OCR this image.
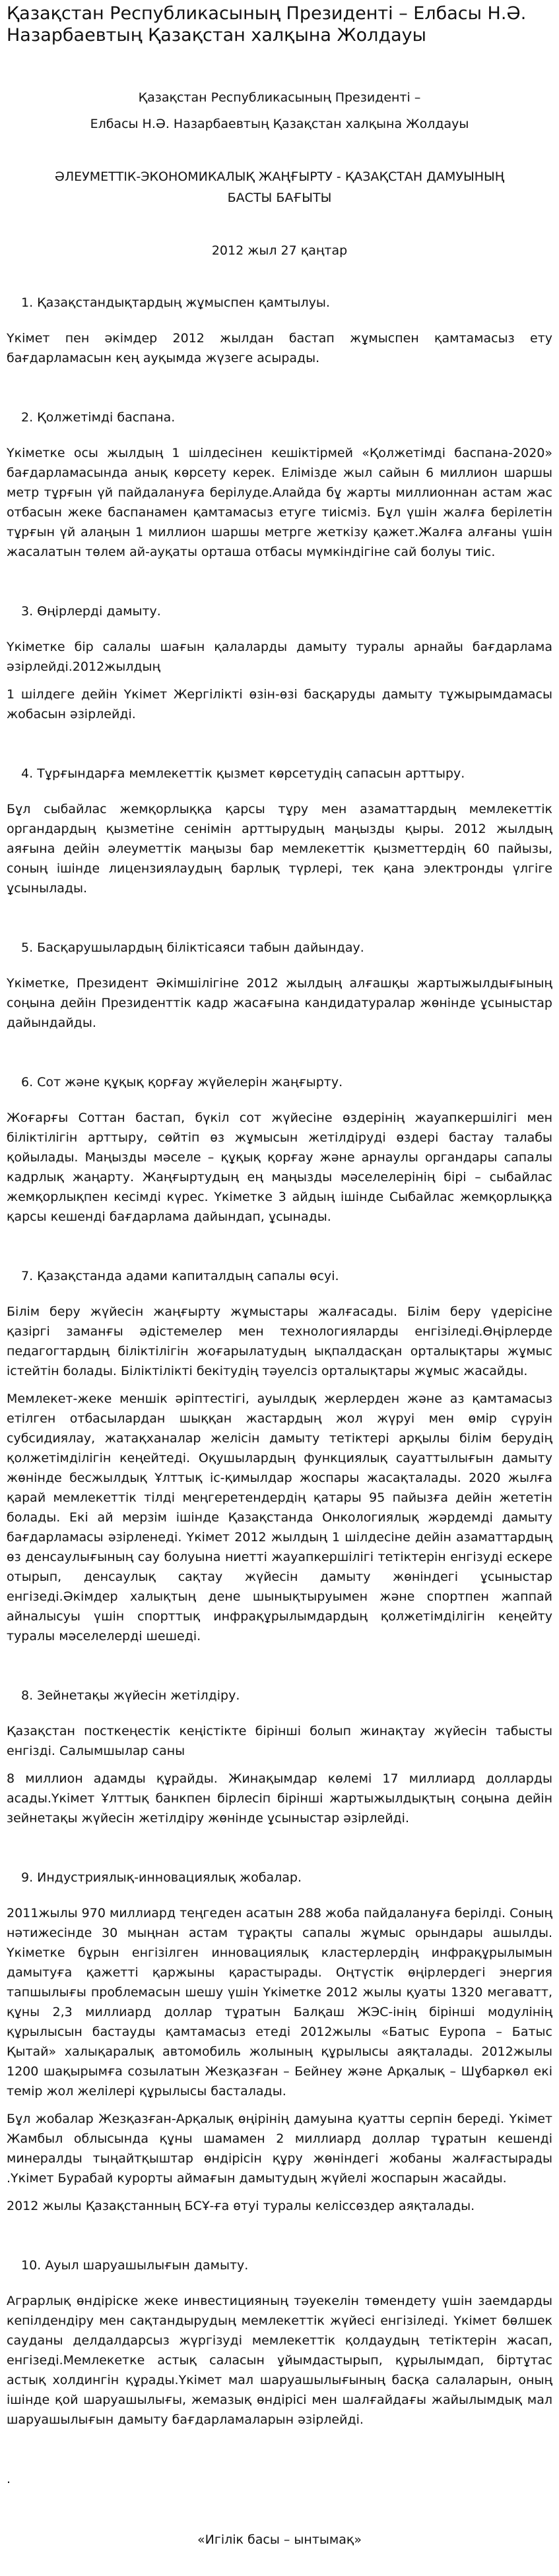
Қазақстан Республикасының Президенті – Елбасы Н.Ә. Назарбаевтың Қазақстан халқына Жолдауы
Қазақстан Республикасының Президенті –
Елбасы Н.Ә. Назарбаевтың Қазақстан халқына Жолдауы
ӘЛЕУМЕТТІК-ЭКОНОМИКАЛЫҚ ЖАҢҒЫРТУ - ҚАЗАҚСТАН ДАМУЫНЫҢ
БАСТЫ БАҒЫТЫ
2012 жыл 27 қаңтар
1. Қазақстандықтардың жұмыспен қамтылуы.

Үкімет пен әкімдер 2012 жылдан бастап жұмыспен қамтамасыз ету бағдарламасын кең ауқымда жүзеге асырады.

2. Қолжетімді баспана.

Үкіметке осы жылдың 1 шілдесінен кешіктірмей «Қолжетімді баспана-2020» бағдарламасында анық көрсету керек. Елімізде жыл сайын 6 миллион шаршы метр тұрғын үй пайдалануға берілуде.Алайда бұ жарты миллионнан астам жас отбасын жеке баспанамен қамтамасыз етуге тиісміз. Бұл үшін жалға берілетін тұрғын үй алаңын 1 миллион шаршы метрге жеткізу қажет.Жалға алғаны үшін жасалатын төлем ай-ауқаты орташа отбасы мүмкіндігіне сай болуы тиіс.

3. Өңірлерді дамыту.

Үкіметке бір салалы шағын қалаларды дамыту туралы арнайы бағдарлама әзірлейді.2012жылдың

1 шілдеге дейін Үкімет Жергілікті өзін-өзі басқаруды дамыту тұжырымдамасы жобасын әзірлейді.

4. Тұрғындарға мемлекеттік қызмет көрсетудің сапасын арттыру.

Бұл сыбайлас жемқорлыққа қарсы тұру мен азаматтардың мемлекеттік органдардың қызметіне сенімін арттырудың маңызды қыры. 2012 жылдың аяғына дейін әлеуметтік маңызы бар мемлекеттік қызметтердің 60 пайызы, соның ішінде лицензиялаудың барлық түрлері, тек қана электронды үлгіге ұсынылады.

5. Басқарушылардың біліктісаяси табын дайындау.

Үкіметке, Президент Әкімшілігіне 2012 жылдың алғашқы жартыжылдығының соңына дейін Президенттік кадр жасағына кандидатуралар жөнінде ұсыныстар дайындайды.

6. Сот және құқық қорғау жүйелерін жаңғырту.

Жоғарғы Соттан бастап, бүкіл сот жүйесіне өздерінің жауапкершілігі мен біліктілігін арттыру, сөйтіп өз жұмысын жетілдіруді өздері бастау талабы қойылады. Маңызды мәселе – құқық қорғау және арнаулы органдары сапалы кадрлық жаңарту. Жаңғыртудың ең маңызды мәселелерінің бірі – сыбайлас жемқорлықпен кесімді күрес. Үкіметке 3 айдың ішінде Сыбайлас жемқорлыққа қарсы кешенді бағдарлама дайындап, ұсынады.

7. Қазақстанда адами капиталдың сапалы өсуі.

Білім беру жүйесін жаңғырту жұмыстары жалғасады. Білім беру үдерісіне қазіргі заманғы әдістемелер мен технологияларды енгізіледі.Өңірлерде педагогтардың біліктілігін жоғарылатудың ықпалдасқан орталықтары жұмыс істейтін болады. Біліктілікті бекітудің тәуелсіз орталықтары жұмыс жасайды.

Мемлекет-жеке меншік әріптестігі, ауылдық жерлерден және аз қамтамасыз етілген отбасылардан шыққан жастардың жол жүруі мен өмір сүруін субсидиялау, жатақханалар желісін дамыту тетіктері арқылы білім берудің қолжетімділігін кеңейтеді. Оқушылардың функциялық сауаттылығын дамыту жөнінде бесжылдық Ұлттық іс-қимылдар жоспары жасақталады. 2020 жылға қарай мемлекеттік тілді меңгеретендердің қатары 95 пайызға дейін жететін болады. Екі ай мерзім ішінде Қазақстанда Онкологиялық жәрдемді дамыту бағдарламасы әзірленеді. Үкімет 2012 жылдың 1 шілдесіне дейін азаматтардың өз денсаулығының сау болуына ниетті жауапкершілігі тетіктерін енгізуді ескере отырып, денсаулық сақтау жүйесін дамыту жөніндегі ұсыныстар енгізеді.Әкімдер халықтың дене шынықтыруымен және спортпен жаппай айналысуы үшін спорттық инфрақұрылымдардың қолжетімділігін кеңейту туралы мәселелерді шешеді.

8. Зейнетақы жүйесін жетілдіру.

Қазақстан посткеңестік кеңістікте бірінші болып жинақтау жүйесін табысты енгізді. Салымшылар саны

8 миллион адамды құрайды. Жинақымдар көлемі 17 миллиард долларды асады.Үкімет Ұлттық банкпен бірлесіп бірінші жартыжылдықтың соңына дейін зейнетақы жүйесін жетілдіру жөнінде ұсыныстар әзірлейді.

9. Индустриялық-инновациялық жобалар.

2011жылы 970 миллиард теңгеден асатын 288 жоба пайдалануға берілді. Соның нәтижесінде 30 мыңнан астам тұрақты сапалы жұмыс орындары ашылды. Үкіметке бұрын енгізілген инновациялық кластерлердің инфрақұрылымын дамытуға қажетті қаржыны қарастырады. Оңтүстік өңірлердегі энергия тапшылығы проблемасын шешу үшін Үкіметке 2012 жылы қуаты 1320 мегаватт, құны 2,3 миллиард доллар тұратын Балқаш ЖЭС-інің бірінші модулінің құрылысын бастауды қамтамасыз етеді 2012жылы «Батыс Еуропа – Батыс Қытай» халықаралық автомобиль жолының құрылысы аяқталады. 2012жылы 1200 шақырымға созылатын Жезқазған – Бейнеу және Арқалық – Шұбаркөл екі темір жол желілері құрылысы басталады.

Бұл жобалар Жезқазған-Арқалық өңірінің дамуына қуатты серпін береді. Үкімет Жамбыл облысында құны шамамен 2 миллиард доллар тұратын кешенді минералды тыңайтқыштар өндірісін құру жөніндегі жобаны жалғастырады .Үкімет Бурабай курорты аймағын дамытудың жүйелі жоспарын жасайды.

2012 жылы Қазақстанның БСҰ-ға өтуі туралы келіссөздер аяқталады.

10. Ауыл шаруашылығын дамыту.

Аграрлық өндіріске жеке инвестицияның тәуекелін төмендету үшін заемдарды кепілдендіру мен сақтандырудың мемлекеттік жүйесі енгізіледі. Үкімет бөлшек сауданы делдалдарсыз жүргізуді мемлекеттік қолдаудың тетіктерін жасап, енгізеді.Мемлекетке астық саласын ұйымдастырып, құрылымдап, біртұтас астық холдингін құрады.Үкімет мал шаруашылығының басқа салаларын, оның ішінде қой шаруашылығы, жемазық өндірісі мен шалғайдағы жайылымдық мал шаруашылығын дамыту бағдарламаларын әзірлейді.

.
«Игілік басы – ынтымақ»
